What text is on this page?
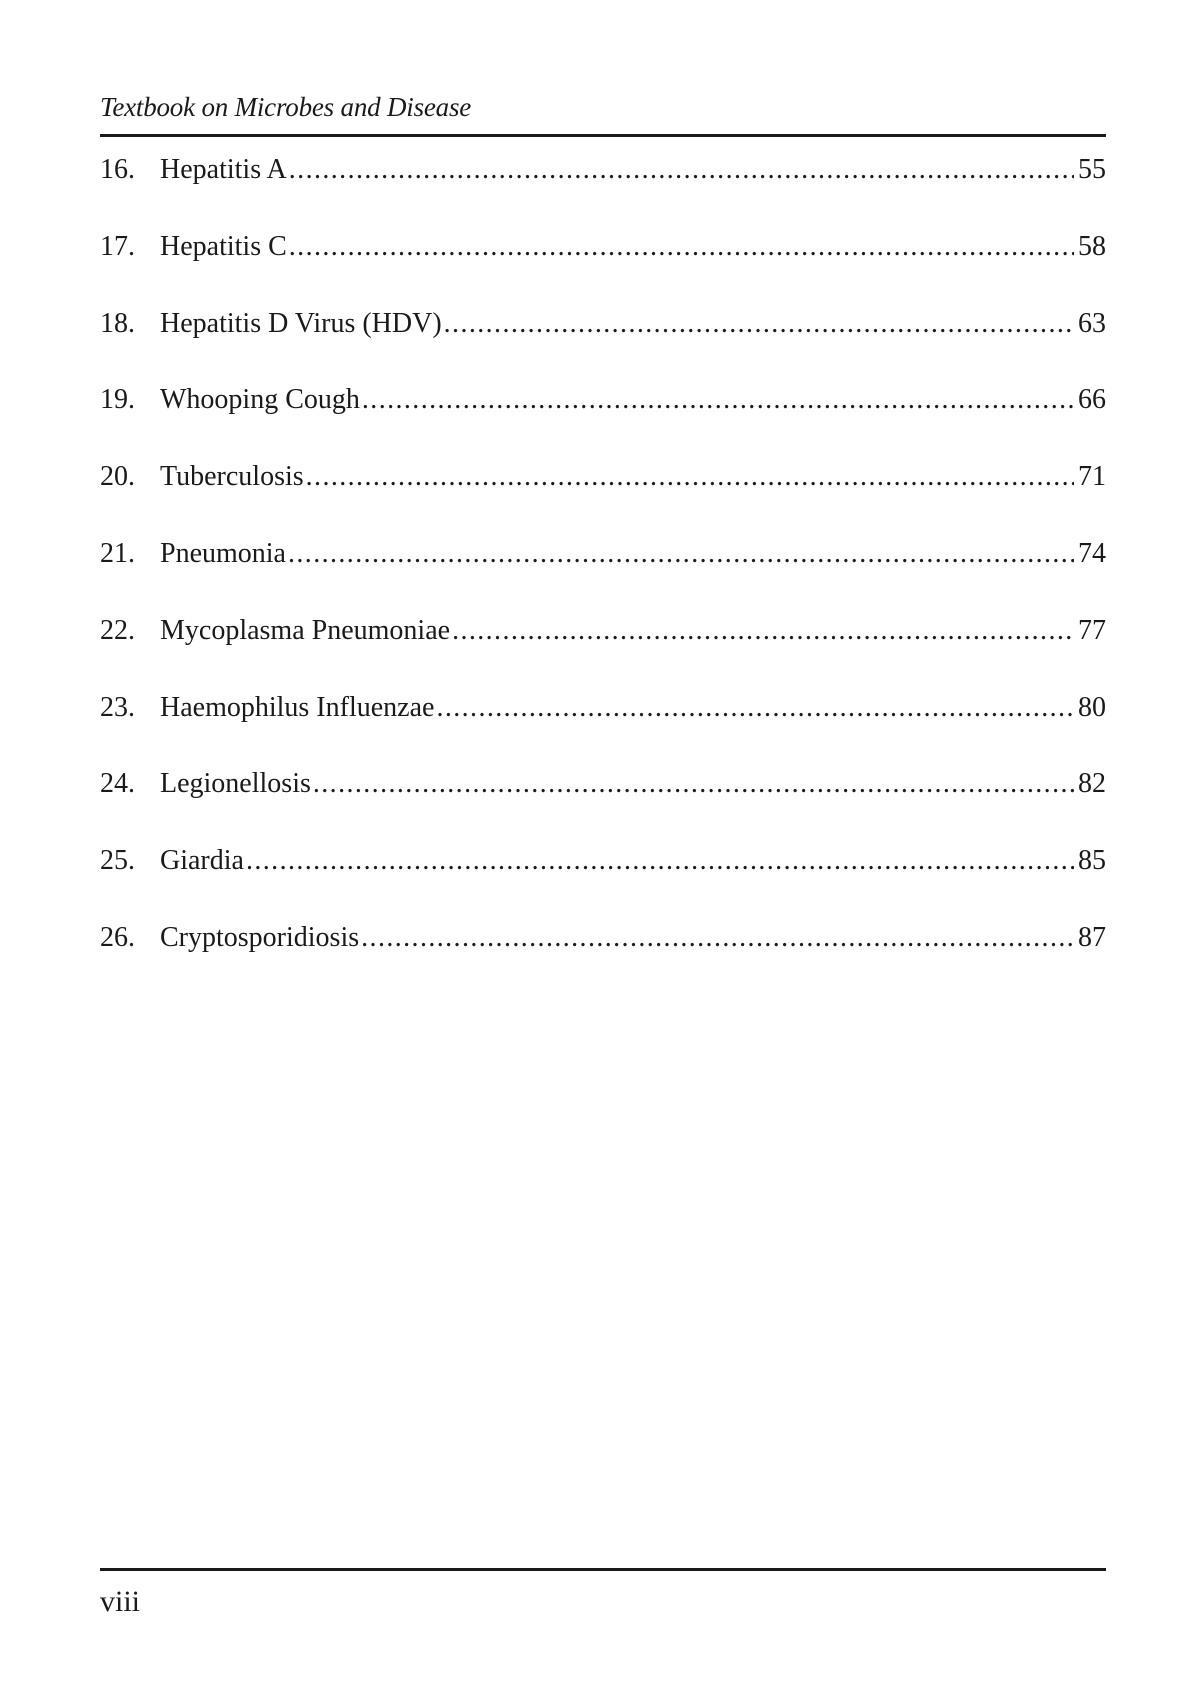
Textbook on Microbes and Disease
16. Hepatitis A .....	55
17. Hepatitis C .....	58
18. Hepatitis D Virus (HDV) .....	63
19. Whooping Cough .....	66
20. Tuberculosis .....	71
21. Pneumonia .....	74
22. Mycoplasma Pneumoniae .....	77
23. Haemophilus Influenzae .....	80
24. Legionellosis .....	82
25. Giardia .....	85
26. Cryptosporidiosis .....	87
viii
